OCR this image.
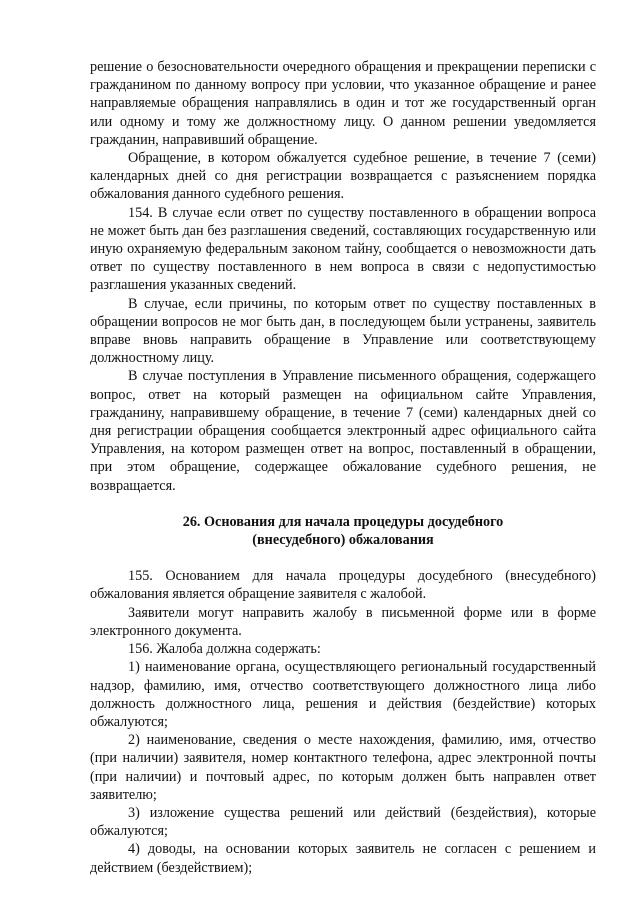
решение о безосновательности очередного обращения и прекращении переписки с гражданином по данному вопросу при условии, что указанное обращение и ранее направляемые обращения направлялись в один и тот же государственный орган или одному и тому же должностному лицу. О данном решении уведомляется гражданин, направивший обращение.

Обращение, в котором обжалуется судебное решение, в течение 7 (семи) календарных дней со дня регистрации возвращается с разъяснением порядка обжалования данного судебного решения.

154. В случае если ответ по существу поставленного в обращении вопроса не может быть дан без разглашения сведений, составляющих государственную или иную охраняемую федеральным законом тайну, сообщается о невозможности дать ответ по существу поставленного в нем вопроса в связи с недопустимостью разглашения указанных сведений.

В случае, если причины, по которым ответ по существу поставленных в обращении вопросов не мог быть дан, в последующем были устранены, заявитель вправе вновь направить обращение в Управление или соответствующему должностному лицу.

В случае поступления в Управление письменного обращения, содержащего вопрос, ответ на который размещен на официальном сайте Управления, гражданину, направившему обращение, в течение 7 (семи) календарных дней со дня регистрации обращения сообщается электронный адрес официального сайта Управления, на котором размещен ответ на вопрос, поставленный в обращении, при этом обращение, содержащее обжалование судебного решения, не возвращается.

26. Основания для начала процедуры досудебного
(внесудебного) обжалования

155. Основанием для начала процедуры досудебного (внесудебного) обжалования является обращение заявителя с жалобой.

Заявители могут направить жалобу в письменной форме или в форме электронного документа.

156. Жалоба должна содержать:

1) наименование органа, осуществляющего региональный государственный надзор, фамилию, имя, отчество соответствующего должностного лица либо должность должностного лица, решения и действия (бездействие) которых обжалуются;

2) наименование, сведения о месте нахождения, фамилию, имя, отчество (при наличии) заявителя, номер контактного телефона, адрес электронной почты (при наличии) и почтовый адрес, по которым должен быть направлен ответ заявителю;

3) изложение существа решений или действий (бездействия), которые обжалуются;

4) доводы, на основании которых заявитель не согласен с решением и действием (бездействием);
